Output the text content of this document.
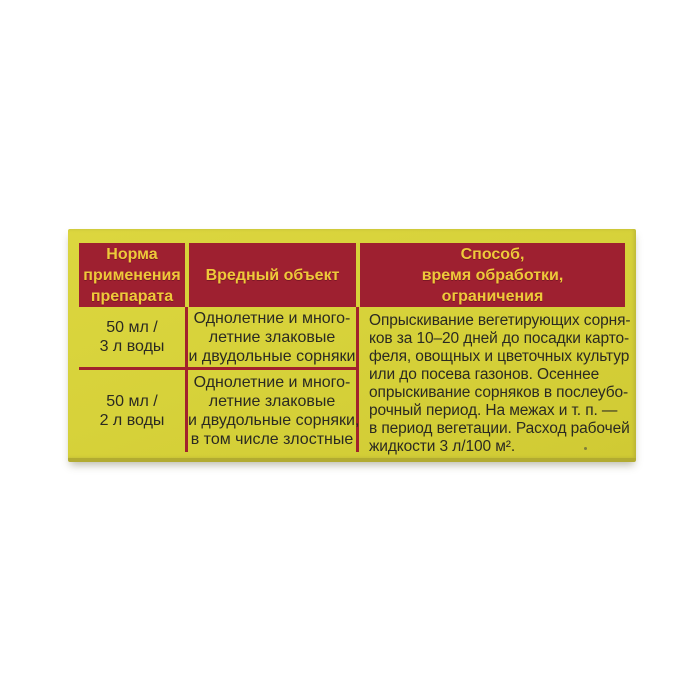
Норма
применения
препарата
Вредный объект
Способ,
время обработки,
ограничения
50 мл /
3 л воды
Однолетние и много-
летние злаковые
и двудольные сорняки
Опрыскивание вегетирующих сорня-
ков за 10–20 дней до посадки карто-
феля, овощных и цветочных культур
или до посева газонов. Осеннее
опрыскивание сорняков в послеубо-
рочный период. На межах и т. п. —
в период вегетации. Расход рабочей
жидкости 3 л/100 м².
50 мл /
2 л воды
Однолетние и много-
летние злаковые
и двудольные сорняки,
в том числе злостные
